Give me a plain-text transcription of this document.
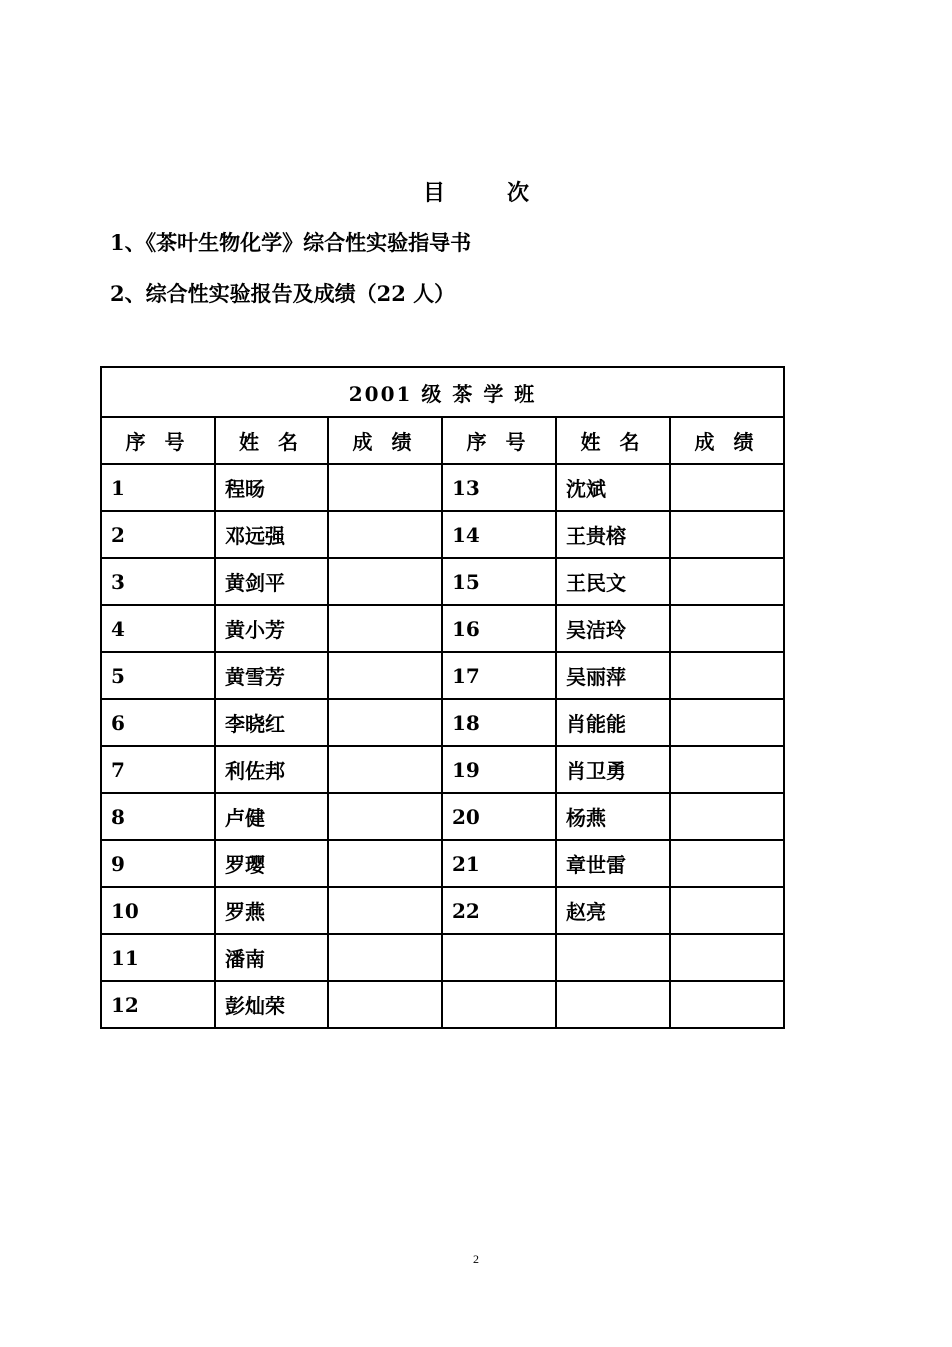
目	次
1、《茶叶生物化学》综合性实验指导书
2、综合性实验报告及成绩（22 人）
2001 级 茶 学 班					
序 号	姓 名	成 绩	序 号	姓 名	成 绩
1	程旸		13	沈斌	
2	邓远强		14	王贵榕	
3	黄剑平		15	王民文	
4	黄小芳		16	吴洁玲	
5	黄雪芳		17	吴丽萍	
6	李晓红		18	肖能能	
7	利佐邦		19	肖卫勇	
8	卢健		20	杨燕	
9	罗璎		21	章世雷	
10	罗燕		22	赵亮	
11	潘南				
12	彭灿荣				
2
